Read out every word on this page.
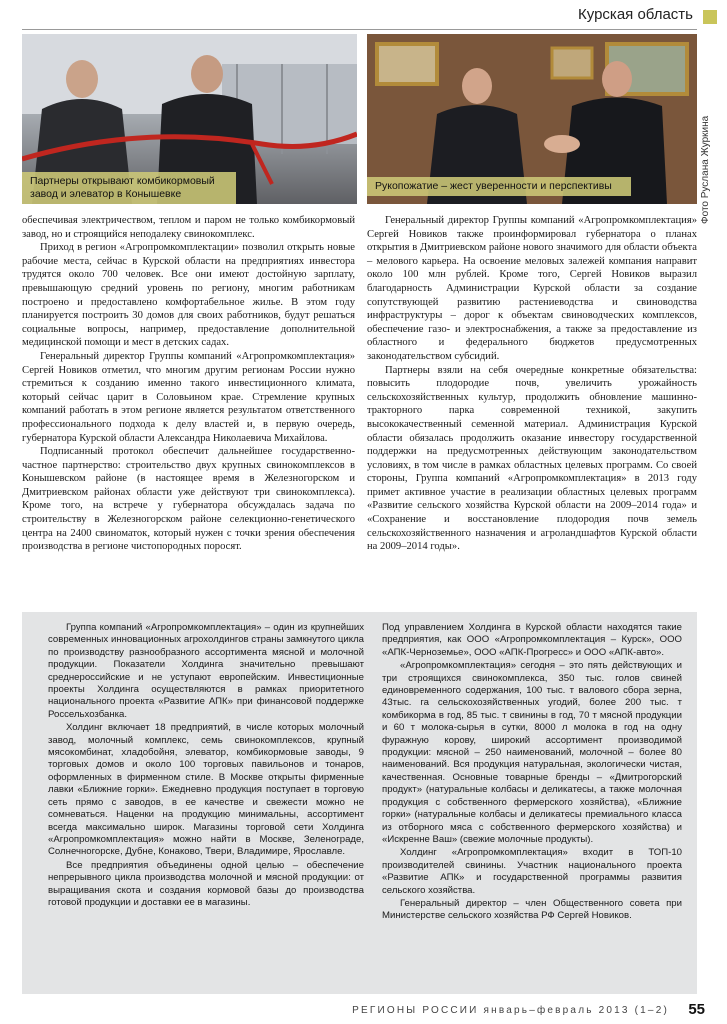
Курская область
Партнеры открывают комбикормовый завод и элеватор в Конышевке
Рукопожатие – жест уверенности и перспективы	Фото Руслана Журкина

обеспечивая электричеством, теплом и паром не только комбикормовый завод, но и строящийся неподалеку свинокомплекс.

Приход в регион «Агропромкомплектации» позволил открыть новые рабочие места, сейчас в Курской области на предприятиях инвестора трудятся около 700 человек. Все они имеют достойную зарплату, превышающую средний уровень по региону, многим работникам построено и предоставлено комфортабельное жилье. В этом году планируется построить 30 домов для своих работников, будут решаться социальные вопросы, например, предоставление дополнительной медицинской помощи и мест в детских садах.

Генеральный директор Группы компаний «Агропромкомплектация» Сергей Новиков отметил, что многим другим регионам России нужно стремиться к созданию именно такого инвестиционного климата, который сейчас царит в Соловьином крае. Стремление крупных компаний работать в этом регионе является результатом ответственного профессионального подхода к делу властей и, в первую очередь, губернатора Курской области Александра Николаевича Михайлова.

Подписанный протокол обеспечит дальнейшее государственно-частное партнерство: строительство двух крупных свинокомплексов в Конышевском районе (в настоящее время в Железногорском и Дмитриевском районах области уже действуют три свинокомплекса). Кроме того, на встрече у губернатора обсуждалась задача по строительству в Железногорском районе селекционно-генетического центра на 2400 свиноматок, который нужен с точки зрения обеспечения производства в регионе чистопородных поросят.

Генеральный директор Группы компаний «Агропромкомплектация» Сергей Новиков также проинформировал губернатора о планах открытия в Дмитриевском районе нового значимого для области объекта – мелового карьера. На освоение меловых залежей компания направит около 100 млн рублей. Кроме того, Сергей Новиков выразил благодарность Администрации Курской области за создание сопутствующей развитию растениеводства и свиноводства инфраструктуры – дорог к объектам свиноводческих комплексов, обеспечение газо- и электроснабжения, а также за предоставление из областного и федерального бюджетов предусмотренных законодательством субсидий.

Партнеры взяли на себя очередные конкретные обязательства: повысить плодородие почв, увеличить урожайность сельскохозяйственных культур, продолжить обновление машинно-тракторного парка современной техникой, закупить высококачественный семенной материал. Администрация Курской области обязалась продолжить оказание инвестору государственной поддержки на предусмотренных действующим законодательством условиях, в том числе в рамках областных целевых программ. Со своей стороны, Группа компаний «Агропромкомплектация» в 2013 году примет активное участие в реализации областных целевых программ «Развитие сельского хозяйства Курской области на 2009–2014 года» и «Сохранение и восстановление плодородия почв земель сельскохозяйственного назначения и агроландшафтов Курской области на 2009–2014 годы».

Группа компаний «Агропромкомплектация» – один из крупнейших современных инновационных агрохолдингов страны замкнутого цикла по производству разнообразного ассортимента мясной и молочной продукции. Показатели Холдинга значительно превышают среднероссийские и не уступают европейским. Инвестиционные проекты Холдинга осуществляются в рамках приоритетного национального проекта «Развитие АПК» при финансовой поддержке Россельхозбанка.

Холдинг включает 18 предприятий, в числе которых молочный завод, молочный комплекс, семь свинокомплексов, крупный мясокомбинат, хладобойня, элеватор, комбикормовые заводы, 9 торговых домов и около 100 торговых павильонов и тонаров, оформленных в фирменном стиле. В Москве открыты фирменные лавки «Ближние горки». Ежедневно продукция поступает в торговую сеть прямо с заводов, в ее качестве и свежести можно не сомневаться. Наценки на продукцию минимальны, ассортимент всегда максимально широк. Магазины торговой сети Холдинга «Агропромкомплектация» можно найти в Москве, Зеленограде, Солнечногорске, Дубне, Конаково, Твери, Владимире, Ярославле.

Все предприятия объединены одной целью – обеспечение непрерывного цикла производства молочной и мясной продукции: от выращивания скота и создания кормовой базы до производства готовой продукции и доставки ее в магазины.

Под управлением Холдинга в Курской области находятся такие предприятия, как ООО «Агропромкомплектация – Курск», ООО «АПК-Черноземье», ООО «АПК-Прогресс» и ООО «АПК-авто».

«Агропромкомплектация» сегодня – это пять действующих и три строящихся свинокомплекса, 350 тыс. голов свиней единовременного содержания, 100 тыс. т валового сбора зерна, 43тыс. га сельскохозяйственных угодий, более 200 тыс. т комбикорма в год, 85 тыс. т свинины в год, 70 т мясной продукции и 60 т молока-сырья в сутки, 8000 л молока в год на одну фуражную корову, широкий ассортимент производимой продукции: мясной – 250 наименований, молочной – более 80 наименований. Вся продукция натуральная, экологически чистая, качественная. Основные товарные бренды – «Дмитрогорский продукт» (натуральные колбасы и деликатесы, а также молочная продукция с собственного фермерского хозяйства), «Ближние горки» (натуральные колбасы и деликатесы премиального класса из отборного мяса с собственного фермерского хозяйства) и «Искренне Ваш» (свежие молочные продукты).

Холдинг «Агропромкомплектация» входит в ТОП-10 производителей свинины. Участник национального проекта «Развитие АПК» и государственной программы развития сельского хозяйства.

Генеральный директор – член Общественного совета при Министерстве сельского хозяйства РФ Сергей Новиков.

РЕГИОНЫ РОССИИ январь–февраль 2013 (1–2) 55
